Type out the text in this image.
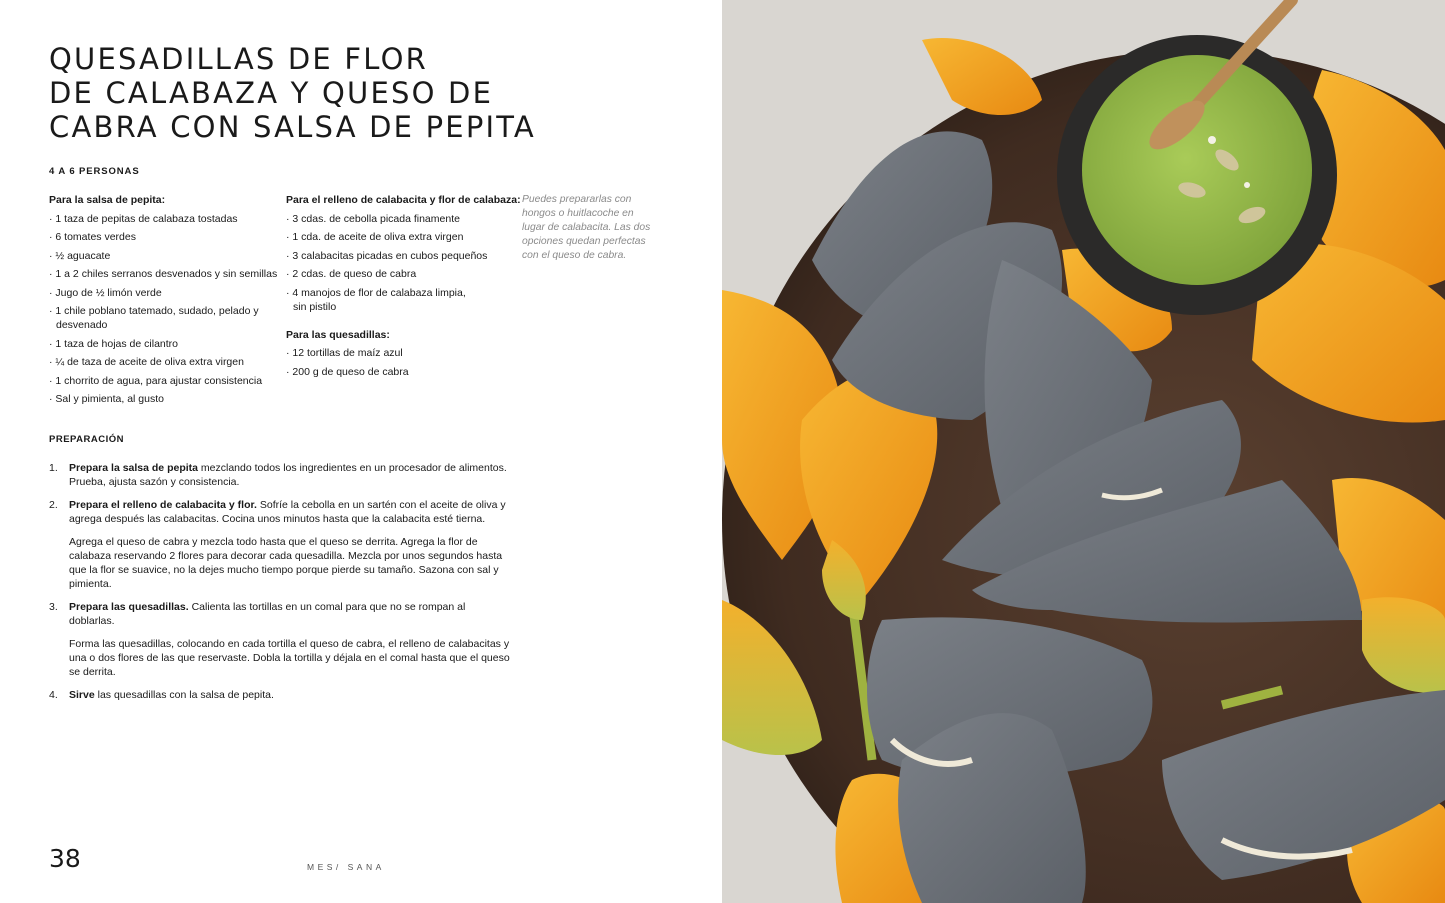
QUESADILLAS DE FLOR
DE CALABAZA Y QUESO DE
CABRA CON SALSA DE PEPITA
4 A 6 PERSONAS
Para la salsa de pepita:
· 1 taza de pepitas de calabaza tostadas
· 6 tomates verdes
· ½ aguacate
· 1 a 2 chiles serranos desvenados y sin semillas
· Jugo de ½ limón verde
· 1 chile poblano tatemado, sudado, pelado y desvenado
· 1 taza de hojas de cilantro
· ¼ de taza de aceite de oliva extra virgen
· 1 chorrito de agua, para ajustar consistencia
· Sal y pimienta, al gusto
Para el relleno de calabacita y flor de calabaza:
· 3 cdas. de cebolla picada finamente
· 1 cda. de aceite de oliva extra virgen
· 3 calabacitas picadas en cubos pequeños
· 2 cdas. de queso de cabra
· 4 manojos de flor de calabaza limpia, sin pistilo
Para las quesadillas:
· 12 tortillas de maíz azul
· 200 g de queso de cabra
Puedes prepararlas con hongos o huitlacoche en lugar de calabacita. Las dos opciones quedan perfectas con el queso de cabra.
PREPARACIÓN
1. Prepara la salsa de pepita mezclando todos los ingredientes en un procesador de alimentos. Prueba, ajusta sazón y consistencia.
2. Prepara el relleno de calabacita y flor. Sofríe la cebolla en un sartén con el aceite de oliva y agrega después las calabacitas. Cocina unos minutos hasta que la calabacita esté tierna.
Agrega el queso de cabra y mezcla todo hasta que el queso se derrita. Agrega la flor de calabaza reservando 2 flores para decorar cada quesadilla. Mezcla por unos segundos hasta que la flor se suavice, no la dejes mucho tiempo porque pierde su tamaño. Sazona con sal y pimienta.
3. Prepara las quesadillas. Calienta las tortillas en un comal para que no se rompan al doblarlas.
Forma las quesadillas, colocando en cada tortilla el queso de cabra, el relleno de calabacitas y una o dos flores de las que reservaste. Dobla la tortilla y déjala en el comal hasta que el queso se derrita.
4. Sirve las quesadillas con la salsa de pepita.
38	MES/ SANA
